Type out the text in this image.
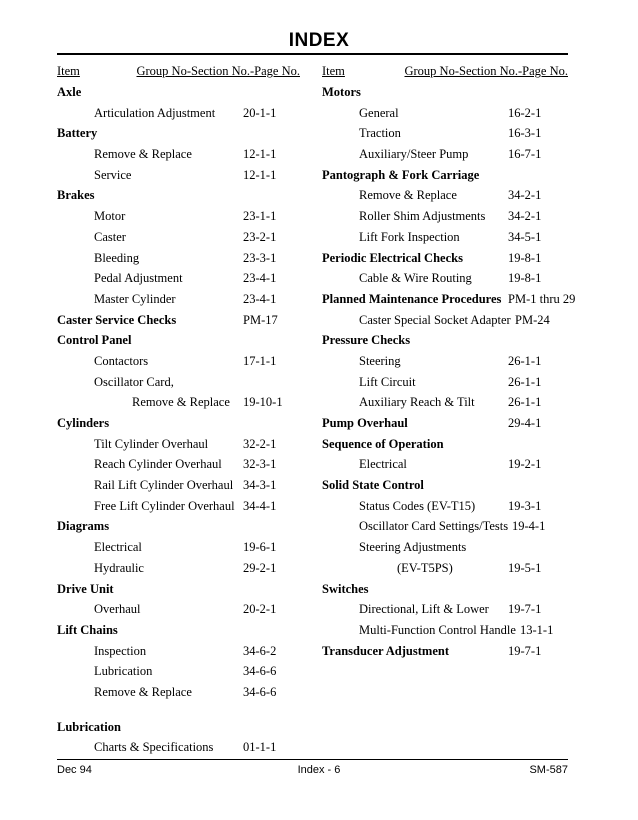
INDEX
Item	Group No-Section No.-Page No.
Axle
Articulation Adjustment 20-1-1
Battery
Remove & Replace	12-1-1
Service	12-1-1
Brakes
Motor	23-1-1
Caster	23-2-1
Bleeding	23-3-1
Pedal Adjustment	23-4-1
Master Cylinder	23-4-1
Caster Service Checks	PM-17
Control Panel
Contactors	17-1-1
Oscillator Card,
Remove & Replace 19-10-1
Cylinders
Tilt Cylinder Overhaul	32-2-1
Reach Cylinder Overhaul 32-3-1
Rail Lift Cylinder Overhaul 34-3-1
Free Lift Cylinder Overhaul 34-4-1
Diagrams
Electrical	19-6-1
Hydraulic	29-2-1
Drive Unit
Overhaul	20-2-1
Lift Chains
Inspection	34-6-2
Lubrication	34-6-6
Remove & Replace	34-6-6
Lubrication
Charts & Specifications 01-1-1
Item	Group No-Section No.-Page No.
Motors
General	16-2-1
Traction	16-3-1
Auxiliary/Steer Pump	16-7-1
Pantograph & Fork Carriage
Remove & Replace	34-2-1
Roller Shim Adjustments 34-2-1
Lift Fork Inspection	34-5-1
Periodic Electrical Checks	19-8-1
Cable & Wire Routing	19-8-1
Planned Maintenance Procedures PM-1 thru 29
Caster Special Socket Adapter PM-24
Pressure Checks
Steering	26-1-1
Lift Circuit	26-1-1
Auxiliary Reach & Tilt	26-1-1
Pump Overhaul	29-4-1
Sequence of Operation
Electrical	19-2-1
Solid State Control
Status Codes (EV-T15)	19-3-1
Oscillator Card Settings/Tests 19-4-1
Steering Adjustments
(EV-T5PS)	19-5-1
Switches
Directional, Lift & Lower 19-7-1
Multi-Function Control Handle 13-1-1
Transducer Adjustment	19-7-1
Dec 94	Index - 6	SM-587
